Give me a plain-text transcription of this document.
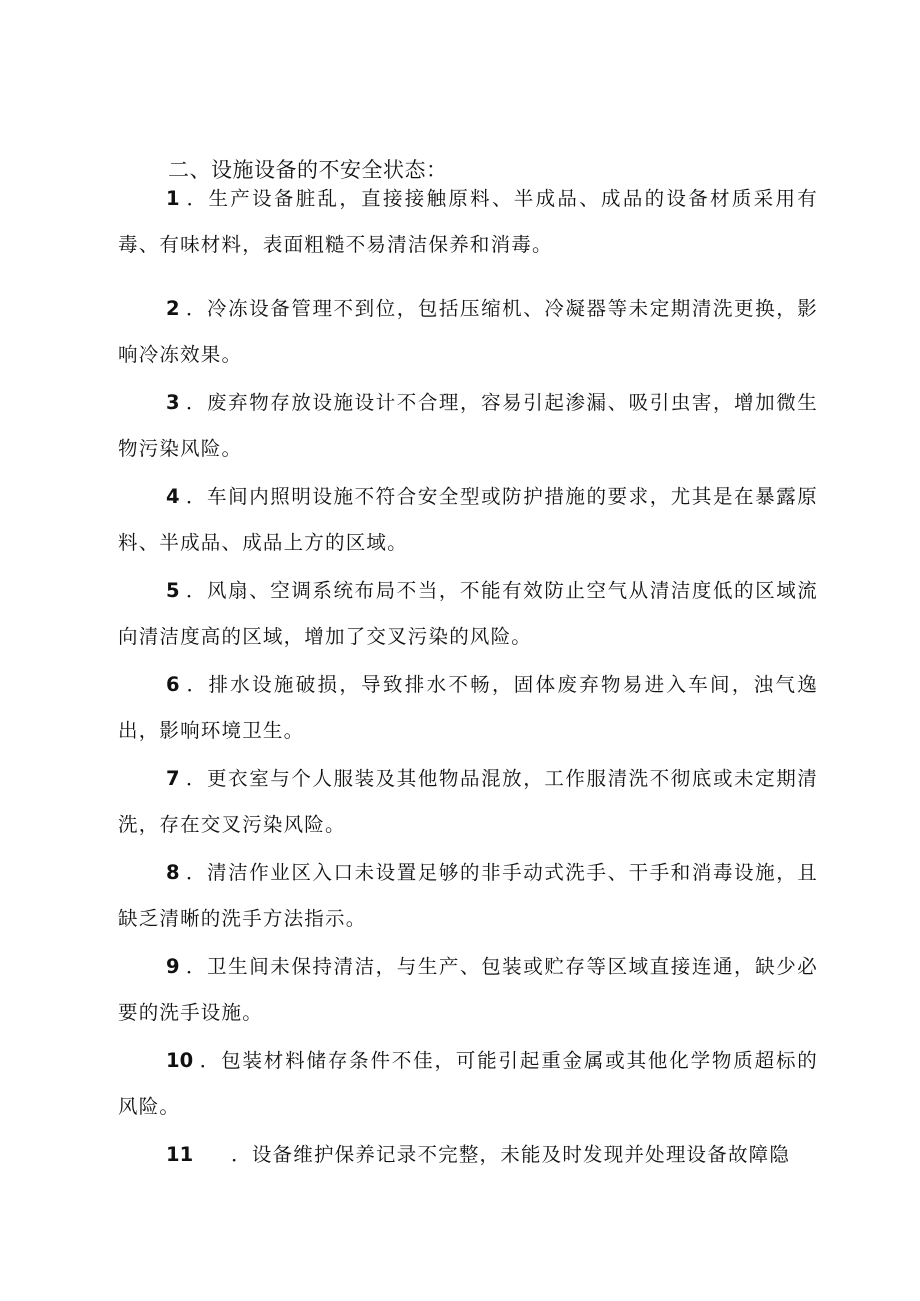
二、设施设备的不安全状态：

1 ．生产设备脏乱，直接接触原料、半成品、成品的设备材质采用有毒、有味材料，表面粗糙不易清洁保养和消毒。

2 ．冷冻设备管理不到位，包括压缩机、冷凝器等未定期清洗更换，影响冷冻效果。

3 ．废弃物存放设施设计不合理，容易引起渗漏、吸引虫害，增加微生物污染风险。

4 ．车间内照明设施不符合安全型或防护措施的要求，尤其是在暴露原料、半成品、成品上方的区域。

5 ．风扇、空调系统布局不当，不能有效防止空气从清洁度低的区域流向清洁度高的区域，增加了交叉污染的风险。

6 ．排水设施破损，导致排水不畅，固体废弃物易进入车间，浊气逸出，影响环境卫生。

7 ．更衣室与个人服装及其他物品混放，工作服清洗不彻底或未定期清洗，存在交叉污染风险。

8 ．清洁作业区入口未设置足够的非手动式洗手、干手和消毒设施，且缺乏清晰的洗手方法指示。

9 ．卫生间未保持清洁，与生产、包装或贮存等区域直接连通，缺少必要的洗手设施。

10 ．包装材料储存条件不佳，可能引起重金属或其他化学物质超标的风险。

11 ．设备维护保养记录不完整，未能及时发现并处理设备故障隐
